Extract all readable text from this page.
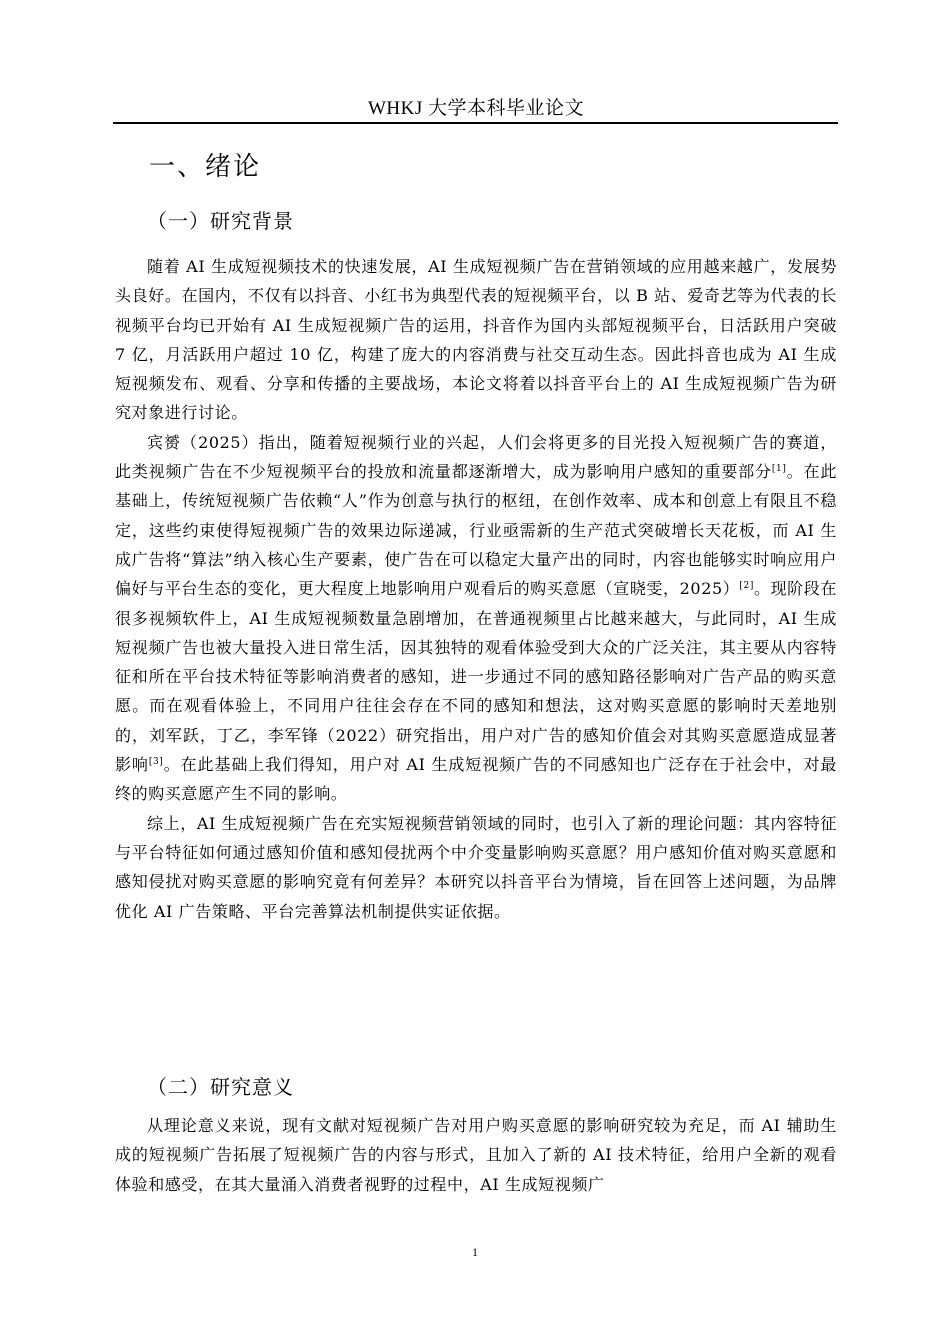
WHKJ 大学本科毕业论文
一、绪论
（一）研究背景

随着 AI 生成短视频技术的快速发展，AI 生成短视频广告在营销领域的应用越来越广，发展势头良好。在国内，不仅有以抖音、小红书为典型代表的短视频平台，以 B 站、爱奇艺等为代表的长视频平台均已开始有 AI 生成短视频广告的运用，抖音作为国内头部短视频平台，日活跃用户突破 7 亿，月活跃用户超过 10 亿，构建了庞大的内容消费与社交互动生态。因此抖音也成为 AI 生成短视频发布、观看、分享和传播的主要战场，本论文将着以抖音平台上的 AI 生成短视频广告为研究对象进行讨论。

宾赟（2025）指出，随着短视频行业的兴起，人们会将更多的目光投入短视频广告的赛道，此类视频广告在不少短视频平台的投放和流量都逐渐增大，成为影响用户感知的重要部分[1]。在此基础上，传统短视频广告依赖“人”作为创意与执行的枢纽，在创作效率、成本和创意上有限且不稳定，这些约束使得短视频广告的效果边际递减，行业亟需新的生产范式突破增长天花板，而 AI 生成广告将“算法”纳入核心生产要素，使广告在可以稳定大量产出的同时，内容也能够实时响应用户偏好与平台生态的变化，更大程度上地影响用户观看后的购买意愿（宣晓雯，2025）[2]。现阶段在很多视频软件上，AI 生成短视频数量急剧增加，在普通视频里占比越来越大，与此同时，AI 生成短视频广告也被大量投入进日常生活，因其独特的观看体验受到大众的广泛关注，其主要从内容特征和所在平台技术特征等影响消费者的感知，进一步通过不同的感知路径影响对广告产品的购买意愿。而在观看体验上，不同用户往往会存在不同的感知和想法，这对购买意愿的影响时天差地别的，刘军跃，丁乙，李军锋（2022）研究指出，用户对广告的感知价值会对其购买意愿造成显著影响[3]。在此基础上我们得知，用户对 AI 生成短视频广告的不同感知也广泛存在于社会中，对最终的购买意愿产生不同的影响。

综上，AI 生成短视频广告在充实短视频营销领域的同时，也引入了新的理论问题：其内容特征与平台特征如何通过感知价值和感知侵扰两个中介变量影响购买意愿？用户感知价值对购买意愿和感知侵扰对购买意愿的影响究竟有何差异？本研究以抖音平台为情境，旨在回答上述问题，为品牌优化 AI 广告策略、平台完善算法机制提供实证依据。

（二）研究意义

从理论意义来说，现有文献对短视频广告对用户购买意愿的影响研究较为充足，而 AI 辅助生成的短视频广告拓展了短视频广告的内容与形式，且加入了新的 AI 技术特征，给用户全新的观看体验和感受，在其大量涌入消费者视野的过程中，AI 生成短视频广

1
